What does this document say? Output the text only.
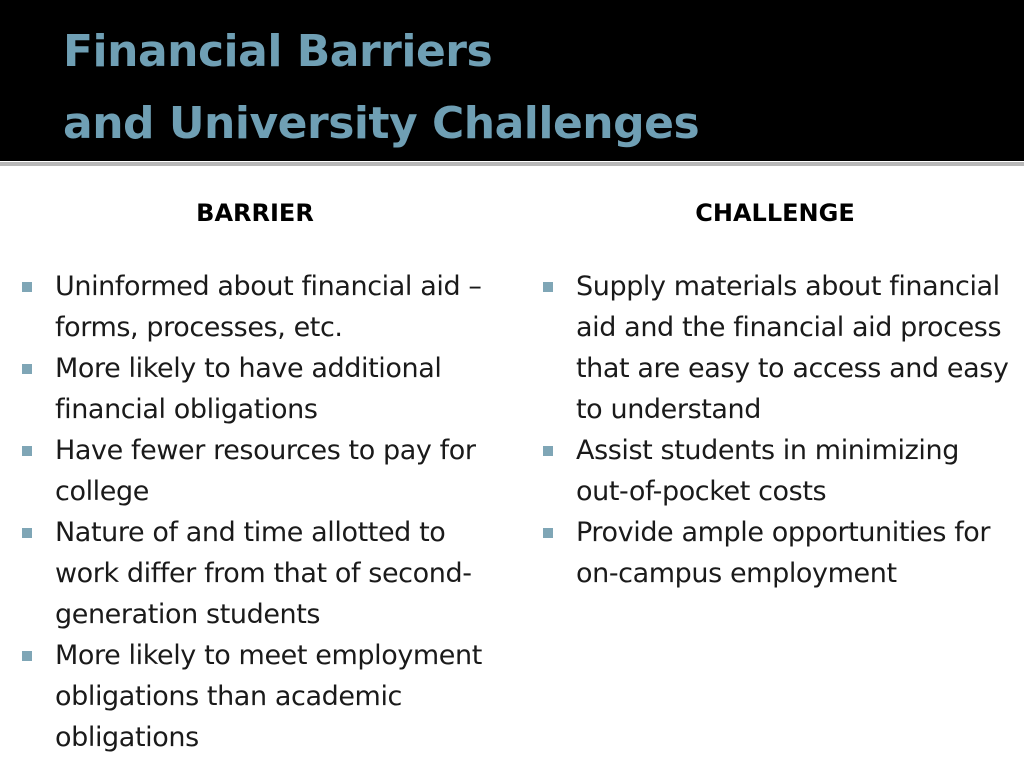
Financial Barriers
and University Challenges
BARRIER	CHALLENGE
Uninformed about financial aid – forms, processes, etc.
More likely to have additional financial obligations
Have fewer resources to pay for college
Nature of and time allotted to work differ from that of second-generation students
More likely to meet employment obligations than academic obligations
Supply materials about financial aid and the financial aid process that are easy to access and easy to understand
Assist students in minimizing out-of-pocket costs
Provide ample opportunities for on-campus employment
